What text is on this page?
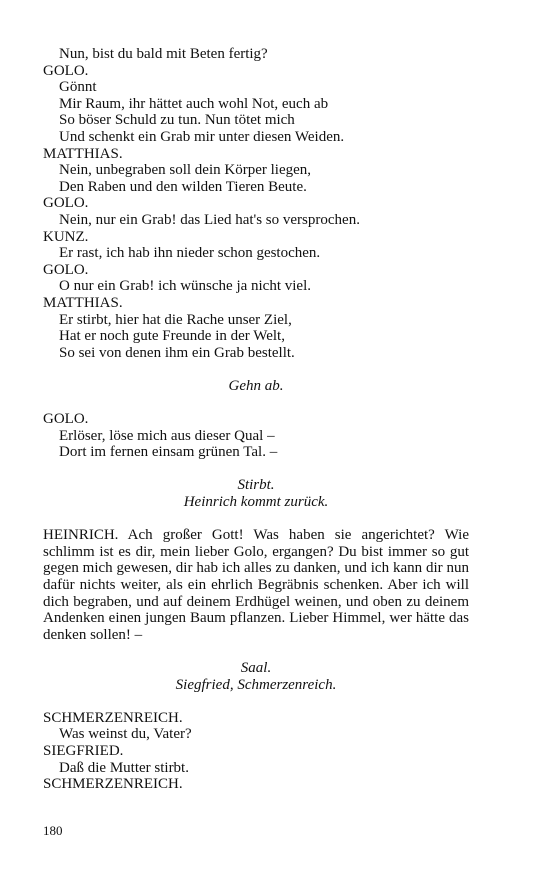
Nun, bist du bald mit Beten fertig?
GOLO.
Gönnt
Mir Raum, ihr hättet auch wohl Not, euch ab
So böser Schuld zu tun. Nun tötet mich
Und schenkt ein Grab mir unter diesen Weiden.
MATTHIAS.
Nein, unbegraben soll dein Körper liegen,
Den Raben und den wilden Tieren Beute.
GOLO.
Nein, nur ein Grab! das Lied hat's so versprochen.
KUNZ.
Er rast, ich hab ihn nieder schon gestochen.
GOLO.
O nur ein Grab! ich wünsche ja nicht viel.
MATTHIAS.
Er stirbt, hier hat die Rache unser Ziel,
Hat er noch gute Freunde in der Welt,
So sei von denen ihm ein Grab bestellt.
Gehn ab.
GOLO.
Erlöser, löse mich aus dieser Qual –
Dort im fernen einsam grünen Tal. –
Stirbt.
Heinrich kommt zurück.
HEINRICH. Ach großer Gott! Was haben sie angerichtet? Wie schlimm ist es dir, mein lieber Golo, ergangen? Du bist immer so gut gegen mich gewesen, dir hab ich alles zu danken, und ich kann dir nun dafür nichts weiter, als ein ehrlich Begräbnis schenken. Aber ich will dich begraben, und auf deinem Erdhügel weinen, und oben zu deinem Andenken einen jungen Baum pflanzen. Lieber Himmel, wer hätte das denken sollen! –
Saal.
Siegfried, Schmerzenreich.
SCHMERZENREICH.
Was weinst du, Vater?
SIEGFRIED.
Daß die Mutter stirbt.
SCHMERZENREICH.
180
